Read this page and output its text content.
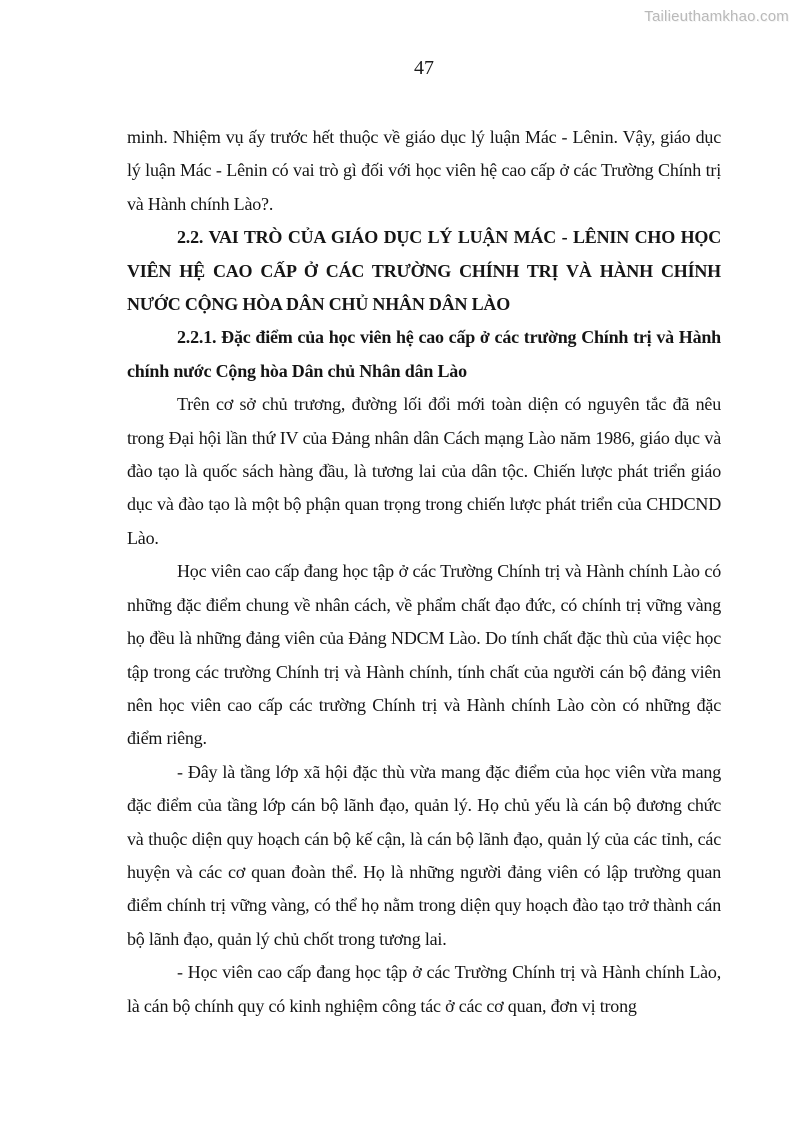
Tailieuthamkhao.com
47

minh. Nhiệm vụ ấy trước hết thuộc về giáo dục lý luận Mác - Lênin. Vậy, giáo dục lý luận Mác - Lênin có vai trò gì đối với học viên hệ cao cấp ở các Trường Chính trị và Hành chính Lào?.

2.2. VAI TRÒ CỦA GIÁO DỤC LÝ LUẬN MÁC - LÊNIN CHO HỌC VIÊN HỆ CAO CẤP Ở CÁC TRƯỜNG CHÍNH TRỊ VÀ HÀNH CHÍNH NƯỚC CỘNG HÒA DÂN CHỦ NHÂN DÂN LÀO

2.2.1. Đặc điểm của học viên hệ cao cấp ở các trường Chính trị và Hành chính nước Cộng hòa Dân chủ Nhân dân Lào

Trên cơ sở chủ trương, đường lối đổi mới toàn diện có nguyên tắc đã nêu trong Đại hội lần thứ IV của Đảng nhân dân Cách mạng Lào năm 1986, giáo dục và đào tạo là quốc sách hàng đầu, là tương lai của dân tộc. Chiến lược phát triển giáo dục và đào tạo là một bộ phận quan trọng trong chiến lược phát triển của CHDCND Lào.

Học viên cao cấp đang học tập ở các Trường Chính trị và Hành chính Lào có những đặc điểm chung về nhân cách, về phẩm chất đạo đức, có chính trị vững vàng họ đều là những đảng viên của Đảng NDCM Lào. Do tính chất đặc thù của việc học tập trong các trường Chính trị và Hành chính, tính chất của người cán bộ đảng viên nên học viên cao cấp các trường Chính trị và Hành chính Lào còn có những đặc điểm riêng.

- Đây là tầng lớp xã hội đặc thù vừa mang đặc điểm của học viên vừa mang đặc điểm của tầng lớp cán bộ lãnh đạo, quản lý. Họ chủ yếu là cán bộ đương chức và thuộc diện quy hoạch cán bộ kế cận, là cán bộ lãnh đạo, quản lý của các tỉnh, các huyện và các cơ quan đoàn thể. Họ là những người đảng viên có lập trường quan điểm chính trị vững vàng, có thể họ nằm trong diện quy hoạch đào tạo trở thành cán bộ lãnh đạo, quản lý chủ chốt trong tương lai.

- Học viên cao cấp đang học tập ở các Trường Chính trị và Hành chính Lào, là cán bộ chính quy có kinh nghiệm công tác ở các cơ quan, đơn vị trong
